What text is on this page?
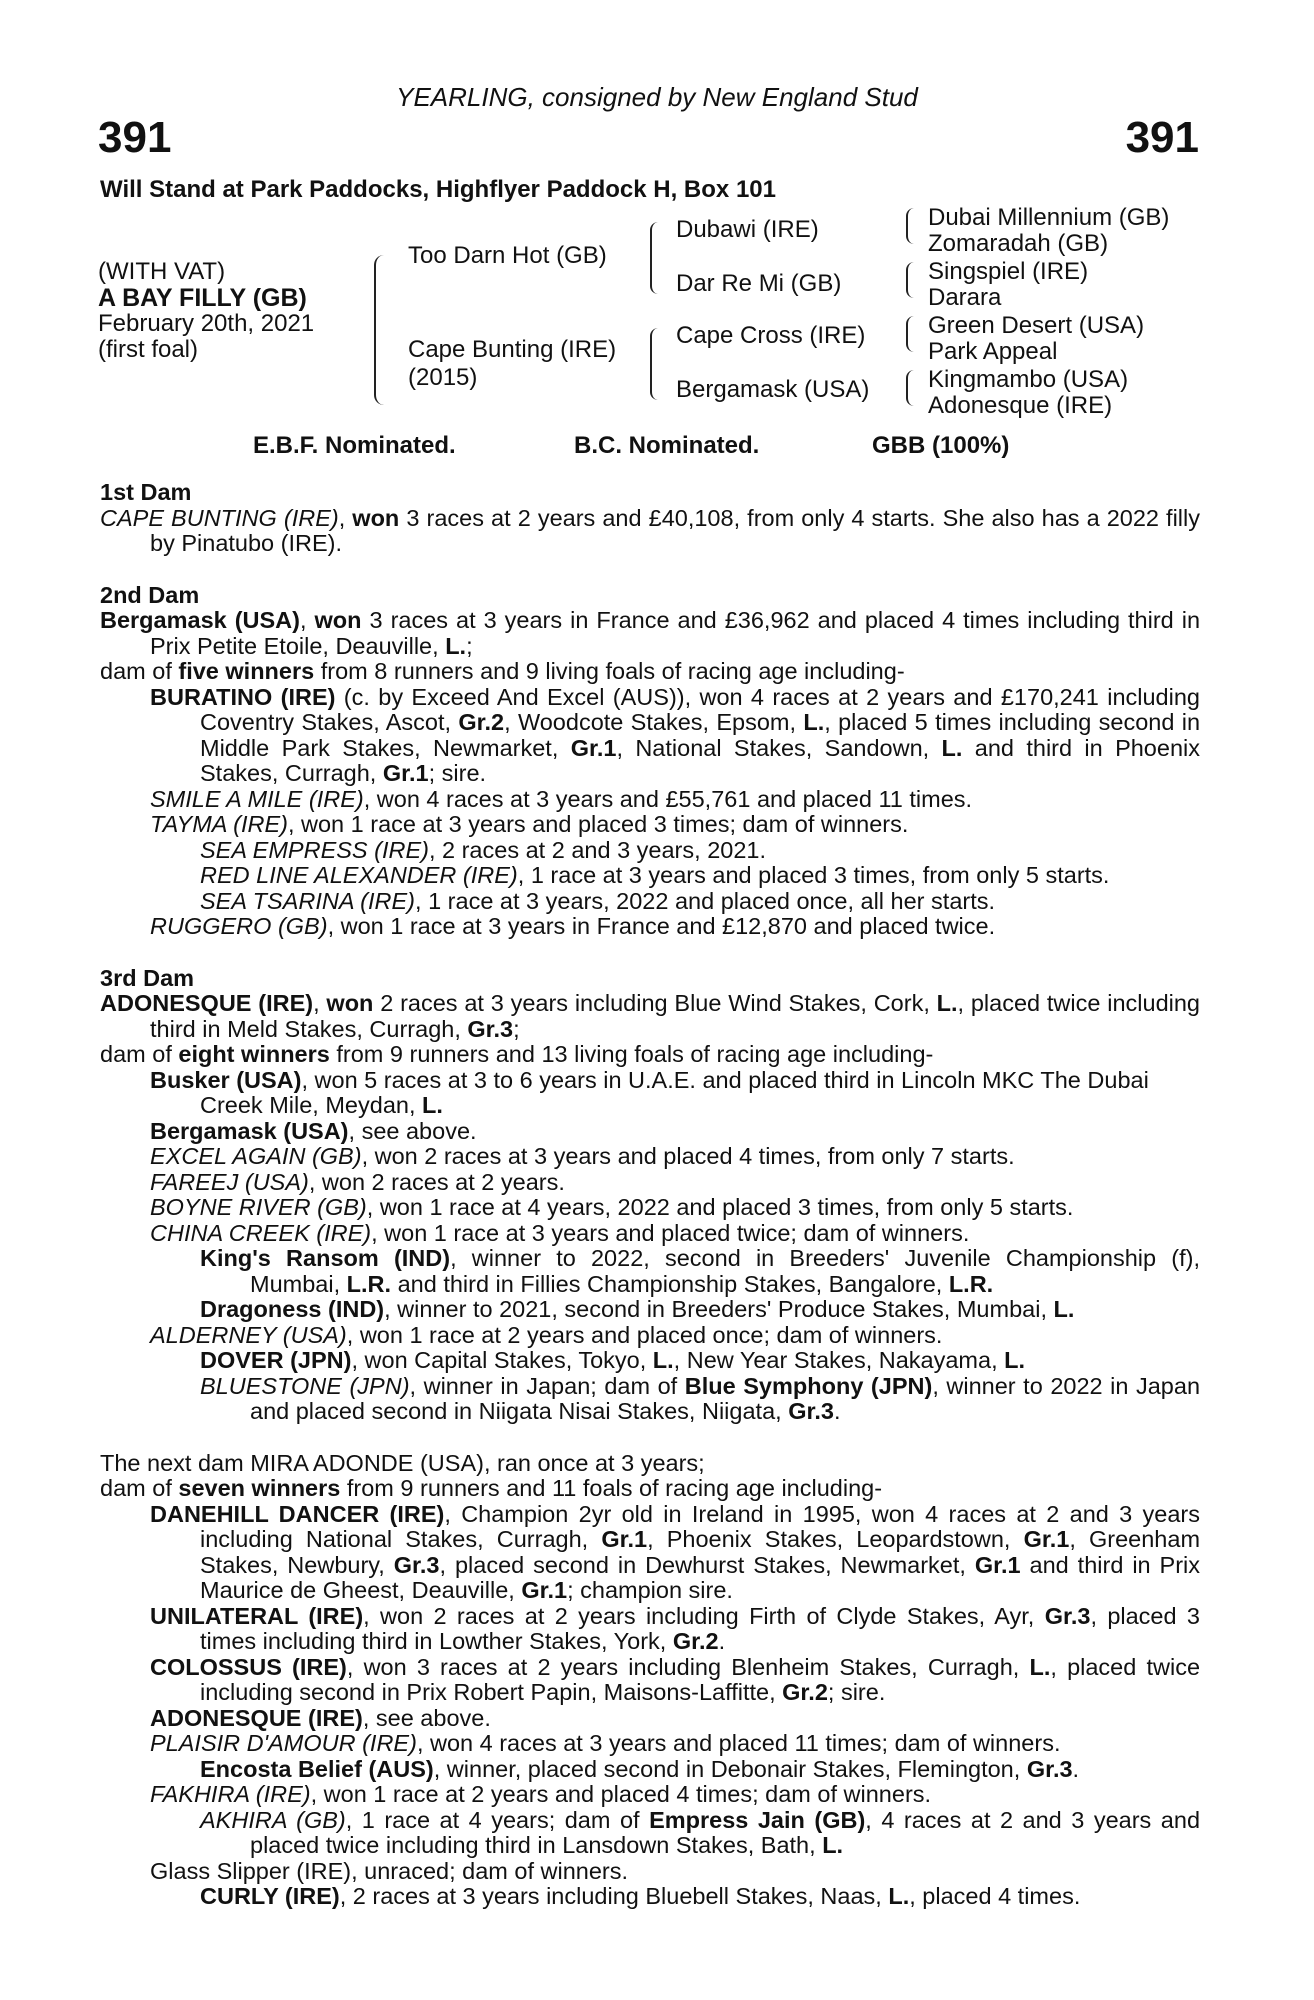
YEARLING, consigned by New England Stud
391	391
Will Stand at Park Paddocks, Highflyer Paddock H, Box 101
(WITH VAT)
A BAY FILLY (GB)
February 20th, 2021
(first foal)
Too Darn Hot (GB)
Cape Bunting (IRE)
(2015)
Dubawi (IRE)
Dar Re Mi (GB)
Cape Cross (IRE)
Bergamask (USA)
Dubai Millennium (GB)
Zomaradah (GB)
Singspiel (IRE)
Darara
Green Desert (USA)
Park Appeal
Kingmambo (USA)
Adonesque (IRE)
E.B.F. Nominated.	B.C. Nominated.	GBB (100%)

1st Dam

CAPE BUNTING (IRE), won 3 races at 2 years and £40,108, from only 4 starts. She also has a 2022 filly by Pinatubo (IRE).

2nd Dam

Bergamask (USA), won 3 races at 3 years in France and £36,962 and placed 4 times including third in Prix Petite Etoile, Deauville, L.;

dam of five winners from 8 runners and 9 living foals of racing age including-

BURATINO (IRE) (c. by Exceed And Excel (AUS)), won 4 races at 2 years and £170,241 including Coventry Stakes, Ascot, Gr.2, Woodcote Stakes, Epsom, L., placed 5 times including second in Middle Park Stakes, Newmarket, Gr.1, National Stakes, Sandown, L. and third in Phoenix Stakes, Curragh, Gr.1; sire.

SMILE A MILE (IRE), won 4 races at 3 years and £55,761 and placed 11 times.

TAYMA (IRE), won 1 race at 3 years and placed 3 times; dam of winners.

SEA EMPRESS (IRE), 2 races at 2 and 3 years, 2021.

RED LINE ALEXANDER (IRE), 1 race at 3 years and placed 3 times, from only 5 starts.

SEA TSARINA (IRE), 1 race at 3 years, 2022 and placed once, all her starts.

RUGGERO (GB), won 1 race at 3 years in France and £12,870 and placed twice.

3rd Dam

ADONESQUE (IRE), won 2 races at 3 years including Blue Wind Stakes, Cork, L., placed twice including third in Meld Stakes, Curragh, Gr.3;

dam of eight winners from 9 runners and 13 living foals of racing age including-

Busker (USA), won 5 races at 3 to 6 years in U.A.E. and placed third in Lincoln MKC The Dubai Creek Mile, Meydan, L.

Bergamask (USA), see above.

EXCEL AGAIN (GB), won 2 races at 3 years and placed 4 times, from only 7 starts.

FAREEJ (USA), won 2 races at 2 years.

BOYNE RIVER (GB), won 1 race at 4 years, 2022 and placed 3 times, from only 5 starts.

CHINA CREEK (IRE), won 1 race at 3 years and placed twice; dam of winners.

King's Ransom (IND), winner to 2022, second in Breeders' Juvenile Championship (f), Mumbai, L.R. and third in Fillies Championship Stakes, Bangalore, L.R.

Dragoness (IND), winner to 2021, second in Breeders' Produce Stakes, Mumbai, L.

ALDERNEY (USA), won 1 race at 2 years and placed once; dam of winners.

DOVER (JPN), won Capital Stakes, Tokyo, L., New Year Stakes, Nakayama, L.

BLUESTONE (JPN), winner in Japan; dam of Blue Symphony (JPN), winner to 2022 in Japan and placed second in Niigata Nisai Stakes, Niigata, Gr.3.

The next dam MIRA ADONDE (USA), ran once at 3 years;

dam of seven winners from 9 runners and 11 foals of racing age including-

DANEHILL DANCER (IRE), Champion 2yr old in Ireland in 1995, won 4 races at 2 and 3 years including National Stakes, Curragh, Gr.1, Phoenix Stakes, Leopardstown, Gr.1, Greenham Stakes, Newbury, Gr.3, placed second in Dewhurst Stakes, Newmarket, Gr.1 and third in Prix Maurice de Gheest, Deauville, Gr.1; champion sire.

UNILATERAL (IRE), won 2 races at 2 years including Firth of Clyde Stakes, Ayr, Gr.3, placed 3 times including third in Lowther Stakes, York, Gr.2.

COLOSSUS (IRE), won 3 races at 2 years including Blenheim Stakes, Curragh, L., placed twice including second in Prix Robert Papin, Maisons-Laffitte, Gr.2; sire.

ADONESQUE (IRE), see above.

PLAISIR D'AMOUR (IRE), won 4 races at 3 years and placed 11 times; dam of winners.

Encosta Belief (AUS), winner, placed second in Debonair Stakes, Flemington, Gr.3.

FAKHIRA (IRE), won 1 race at 2 years and placed 4 times; dam of winners.

AKHIRA (GB), 1 race at 4 years; dam of Empress Jain (GB), 4 races at 2 and 3 years and placed twice including third in Lansdown Stakes, Bath, L.

Glass Slipper (IRE), unraced; dam of winners.

CURLY (IRE), 2 races at 3 years including Bluebell Stakes, Naas, L., placed 4 times.
